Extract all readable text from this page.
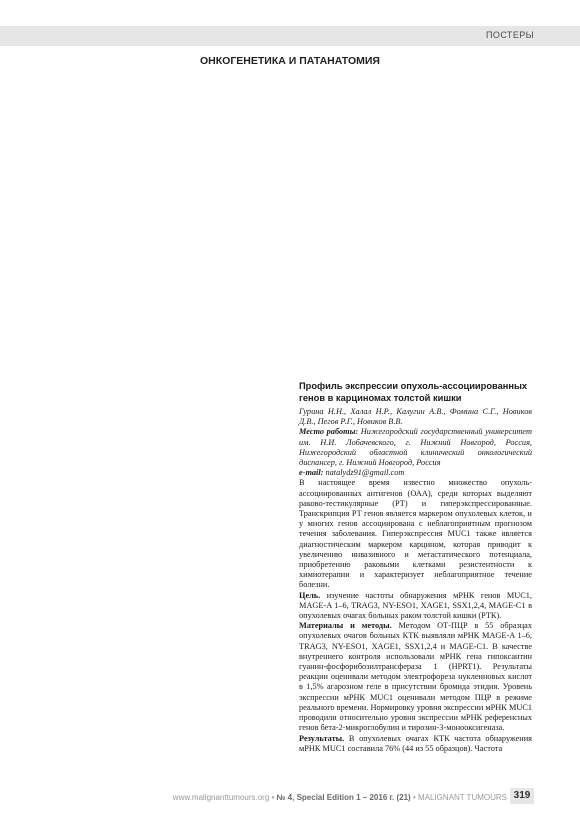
ПОСТЕРЫ
ОНКОГЕНЕТИКА И ПАТАНАТОМИЯ
Профиль экспрессии опухоль-ассоциированных генов в карциномах толстой кишки

Гурина Н.Н., Халал Н.Р., Калугин А.В., Фомина С.Г., Новиков Д.В., Пегов Р.Г., Новиков В.В.

Место работы: Нижегородский государственный университет им. Н.И. Лобачевского, г. Нижний Новгород, Россия, Нижегородский областной клинический онкологический диспансер, г. Нижний Новгород, Россия

e-mail: natalydz91@gmail.com

В настоящее время известно множество опухоль-ассоциированных антигенов (ОАА), среди которых выделяют раково-тестикулярные (РТ) и гиперэкспрессированные. Транскрипция РТ генов является маркером опухолевых клеток, и у многих генов ассоциирована с неблагоприятным прогнозом течения заболевания. Гиперэкспрессия MUC1 также является диагностическим маркером карцином, которая приводит к увеличению инвазивного и метастатического потенциала, приобретению раковыми клетками резистентности к химиотерапии и характеризует неблагоприятное течение болезни.

Цель. изучение частоты обнаружения мРНК генов MUC1, MAGE-A 1–6, TRAG3, NY-ESO1, XAGE1, SSX1,2,4, MAGE-C1 в опухолевых очагах больных раком толстой кишки (РТК).

Материалы и методы. Методом ОТ-ПЦР в 55 образцах опухолевых очагов больных КТК выявляли мРНК MAGE-A 1–6, TRAG3, NY-ESO1, XAGE1, SSX1,2,4 и MAGE-C1. В качестве внутреннего контроля использовали мРНК гена гипоксантин гуанин-фосфорибозилтрансфераза 1 (HPRT1). Результаты реакции оценивали методом электрофореза нуклеиновых кислот в 1,5% агарозном геле в присутствии бромида этидия. Уровень экспрессии мРНК MUC1 оценивали методом ПЦР в режиме реального времени. Нормировку уровня экспрессии мРНК MUC1 проводили относительно уровня экспрессии мРНК референсных генов бета-2-микроглобулин и тирозин-3-монооксигеназа.

Результаты. В опухолевых очагах КТК частота обнаружения мРНК MUC1 составила 76% (44 из 55 образцов). Частота

www.malignanttumours.org • № 4, Special Edition 1 – 2016 г. (21) • MALIGNANT TUMOURS 319
